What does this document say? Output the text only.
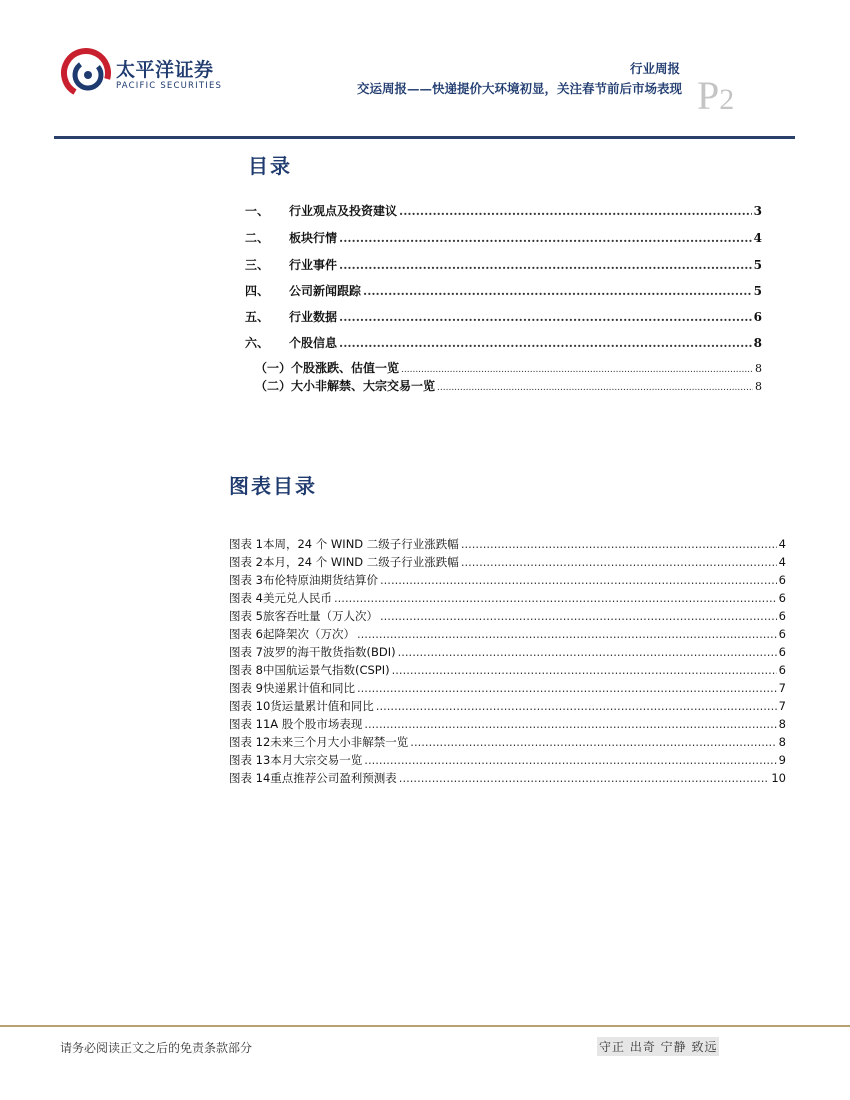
太平洋证券
PACIFIC SECURITIES
行业周报
交运周报——快递提价大环境初显，关注春节前后市场表现 P2
目录
一、	行业观点及投资建议 .....	3
二、	板块行情 .....	4
三、	行业事件 .....	5
四、	公司新闻跟踪 .....	5
五、	行业数据 .....	6
六、	个股信息 .....	8
（一）个股涨跌、估值一览 .....	8
（二）大小非解禁、大宗交易一览 .....	8
图表目录
图表 1 本周，24 个 WIND 二级子行业涨跌幅 .....	4
图表 2 本月，24 个 WIND 二级子行业涨跌幅 .....	4
图表 3 布伦特原油期货结算价 .....	6
图表 4 美元兑人民币 .....	6
图表 5 旅客吞吐量（万人次） .....	6
图表 6 起降架次（万次） .....	6
图表 7 波罗的海干散货指数(BDI) .....	6
图表 8 中国航运景气指数(CSPI) .....	6
图表 9 快递累计值和同比 .....	7
图表 10 货运量累计值和同比 .....	7
图表 11 A 股个股市场表现 .....	8
图表 12 未来三个月大小非解禁一览 .....	8
图表 13 本月大宗交易一览 .....	9
图表 14 重点推荐公司盈利预测表 .....	10
请务必阅读正文之后的免责条款部分	守正 出奇 宁静 致远
